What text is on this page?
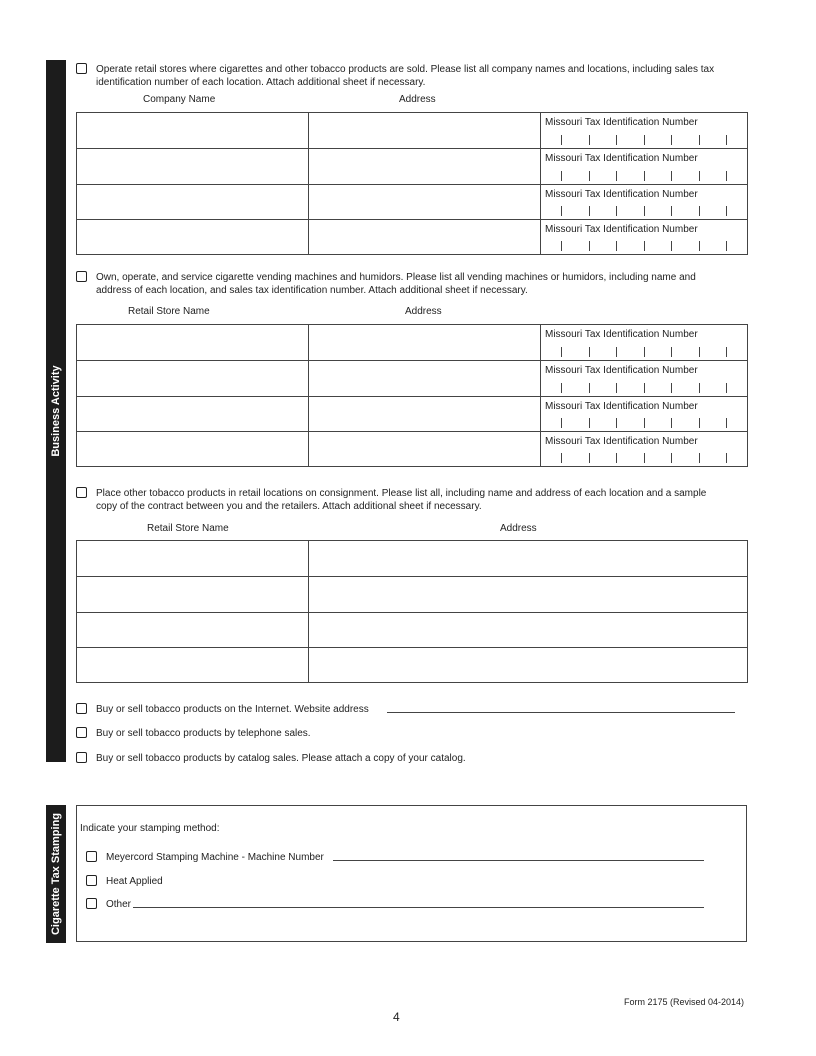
Business Activity
Cigarette Tax Stamping
Operate retail stores where cigarettes and other tobacco products are sold. Please list all company names and locations, including sales tax
identification number of each location. Attach additional sheet if necessary.
Company Name	Address

		Missouri Tax Identification Number

		Missouri Tax Identification Number

		Missouri Tax Identification Number

		Missouri Tax Identification Number
Own, operate, and service cigarette vending machines and humidors. Please list all vending machines or humidors, including name and
address of each location, and sales tax identification number. Attach additional sheet if necessary.
Retail Store Name	Address

		Missouri Tax Identification Number

		Missouri Tax Identification Number

		Missouri Tax Identification Number

		Missouri Tax Identification Number
Place other tobacco products in retail locations on consignment. Please list all, including name and address of each location and a sample
copy of the contract between you and the retailers. Attach additional sheet if necessary.
Retail Store Name	Address

Buy or sell tobacco products on the Internet. Website address
Buy or sell tobacco products by telephone sales.
Buy or sell tobacco products by catalog sales. Please attach a copy of your catalog.
Indicate your stamping method:
Meyercord Stamping Machine - Machine Number
Heat Applied
Other
Form 2175 (Revised 04-2014)
4
